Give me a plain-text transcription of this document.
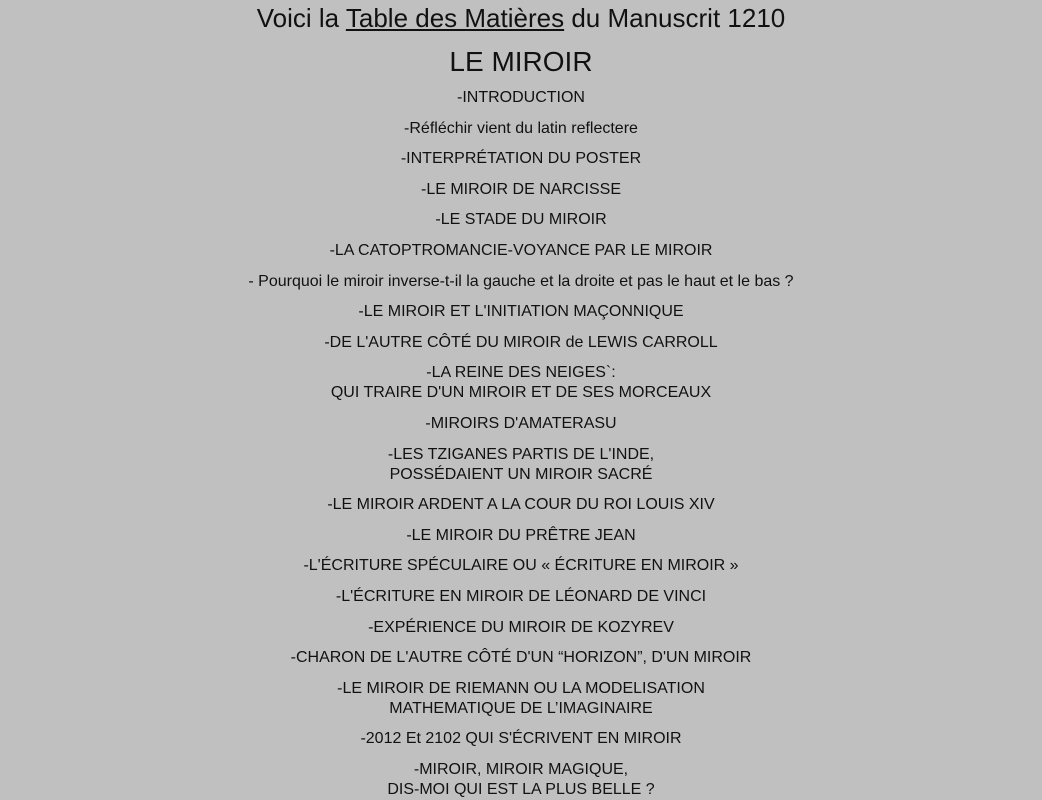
Voici la Table des Matières du Manuscrit 1210
LE MIROIR
-INTRODUCTION
-Réfléchir vient du latin reflectere
-INTERPRÉTATION DU POSTER
-LE MIROIR DE NARCISSE
-LE STADE DU MIROIR
-LA CATOPTROMANCIE-VOYANCE PAR LE MIROIR
- Pourquoi le miroir inverse-t-il la gauche et la droite et pas le haut et le bas ?
-LE MIROIR ET L'INITIATION MAÇONNIQUE
-DE L'AUTRE CÔTÉ DU MIROIR de LEWIS CARROLL
-LA REINE DES NEIGES`:
QUI TRAIRE D'UN MIROIR ET DE SES MORCEAUX
-MIROIRS D'AMATERASU
-LES TZIGANES PARTIS DE L'INDE,
POSSÉDAIENT UN MIROIR SACRÉ
-LE MIROIR ARDENT A LA COUR DU ROI LOUIS XIV
-LE MIROIR DU PRÊTRE JEAN
-L'ÉCRITURE SPÉCULAIRE OU « ÉCRITURE EN MIROIR »
-L'ÉCRITURE EN MIROIR DE LÉONARD DE VINCI
-EXPÉRIENCE DU MIROIR DE KOZYREV
-CHARON DE L'AUTRE CÔTÉ D'UN “HORIZON”, D'UN MIROIR
-LE MIROIR DE RIEMANN OU LA MODELISATION
MATHEMATIQUE DE L’IMAGINAIRE
-2012 Et 2102 QUI S'ÉCRIVENT EN MIROIR
-MIROIR, MIROIR MAGIQUE,
DIS-MOI QUI EST LA PLUS BELLE ?
